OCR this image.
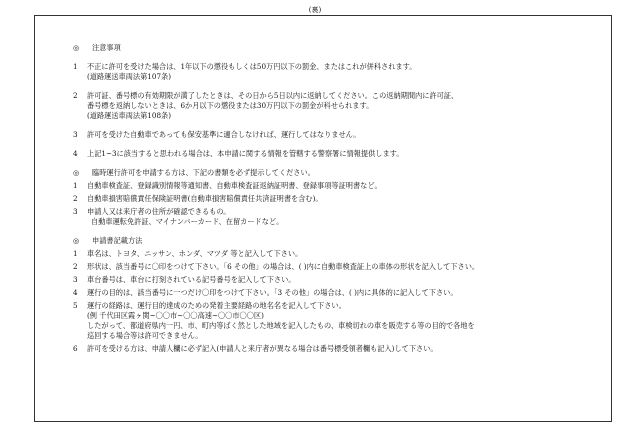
(裏)
◎	注意事項
1	不正に許可を受けた場合は、1年以下の懲役もしくは50万円以下の罰金、またはこれが併科されます。
(道路運送車両法第107条)
2	許可証、番号標の有効期限が満了したときは、その日から5日以内に返納してください。この返納期間内に許可証、
番号標を返納しないときは、6か月以下の懲役または30万円以下の罰金が科せられます。
(道路運送車両法第108条)
3	許可を受けた自動車であっても保安基準に適合しなければ、運行してはなりません。
4	上記1~3に該当すると思われる場合は、本申請に関する情報を管轄する警察署に情報提供します。
◎	臨時運行許可を申請する方は、下記の書類を必ず提示してください。
1	自動車検査証、登録識別情報等通知書、自動車検査証返納証明書、登録事項等証明書など。
2	自動車損害賠償責任保険証明書(自動車損害賠償責任共済証明書を含む)。
3	申請人又は来庁者の住所が確認できるもの。
自動車運転免許証、マイナンバーカード、在留カードなど。
◎	申請書記載方法
1	車名は、トヨタ、ニッサン、ホンダ、マツダ 等と記入して下さい。
2	形状は、該当番号に〇印をつけて下さい。「6 その他」の場合は、( )内に自動車検査証上の車体の形状を記入して下さい。
3	車台番号は、車台に打刻されている記号番号を記入して下さい。
4	運行の目的は、該当番号に一つだけ〇印をつけて下さい。「3 その他」の場合は、( )内に具体的に記入して下さい。
5	運行の経路は、運行目的達成のための発着主要経路の地名名を記入して下さい。
(例 千代田区霞ヶ関~〇〇市~〇〇高速~〇〇市〇〇区)
したがって、都道府県内一円、市、町内等ばく然とした地域を記入したもの、車検切れの車を販売する等の目的で各地を
巡回する場合等は許可できません。
6	許可を受ける方は、申請人欄に必ず記入(申請人と来庁者が異なる場合は番号標受領者欄も記入)して下さい。
